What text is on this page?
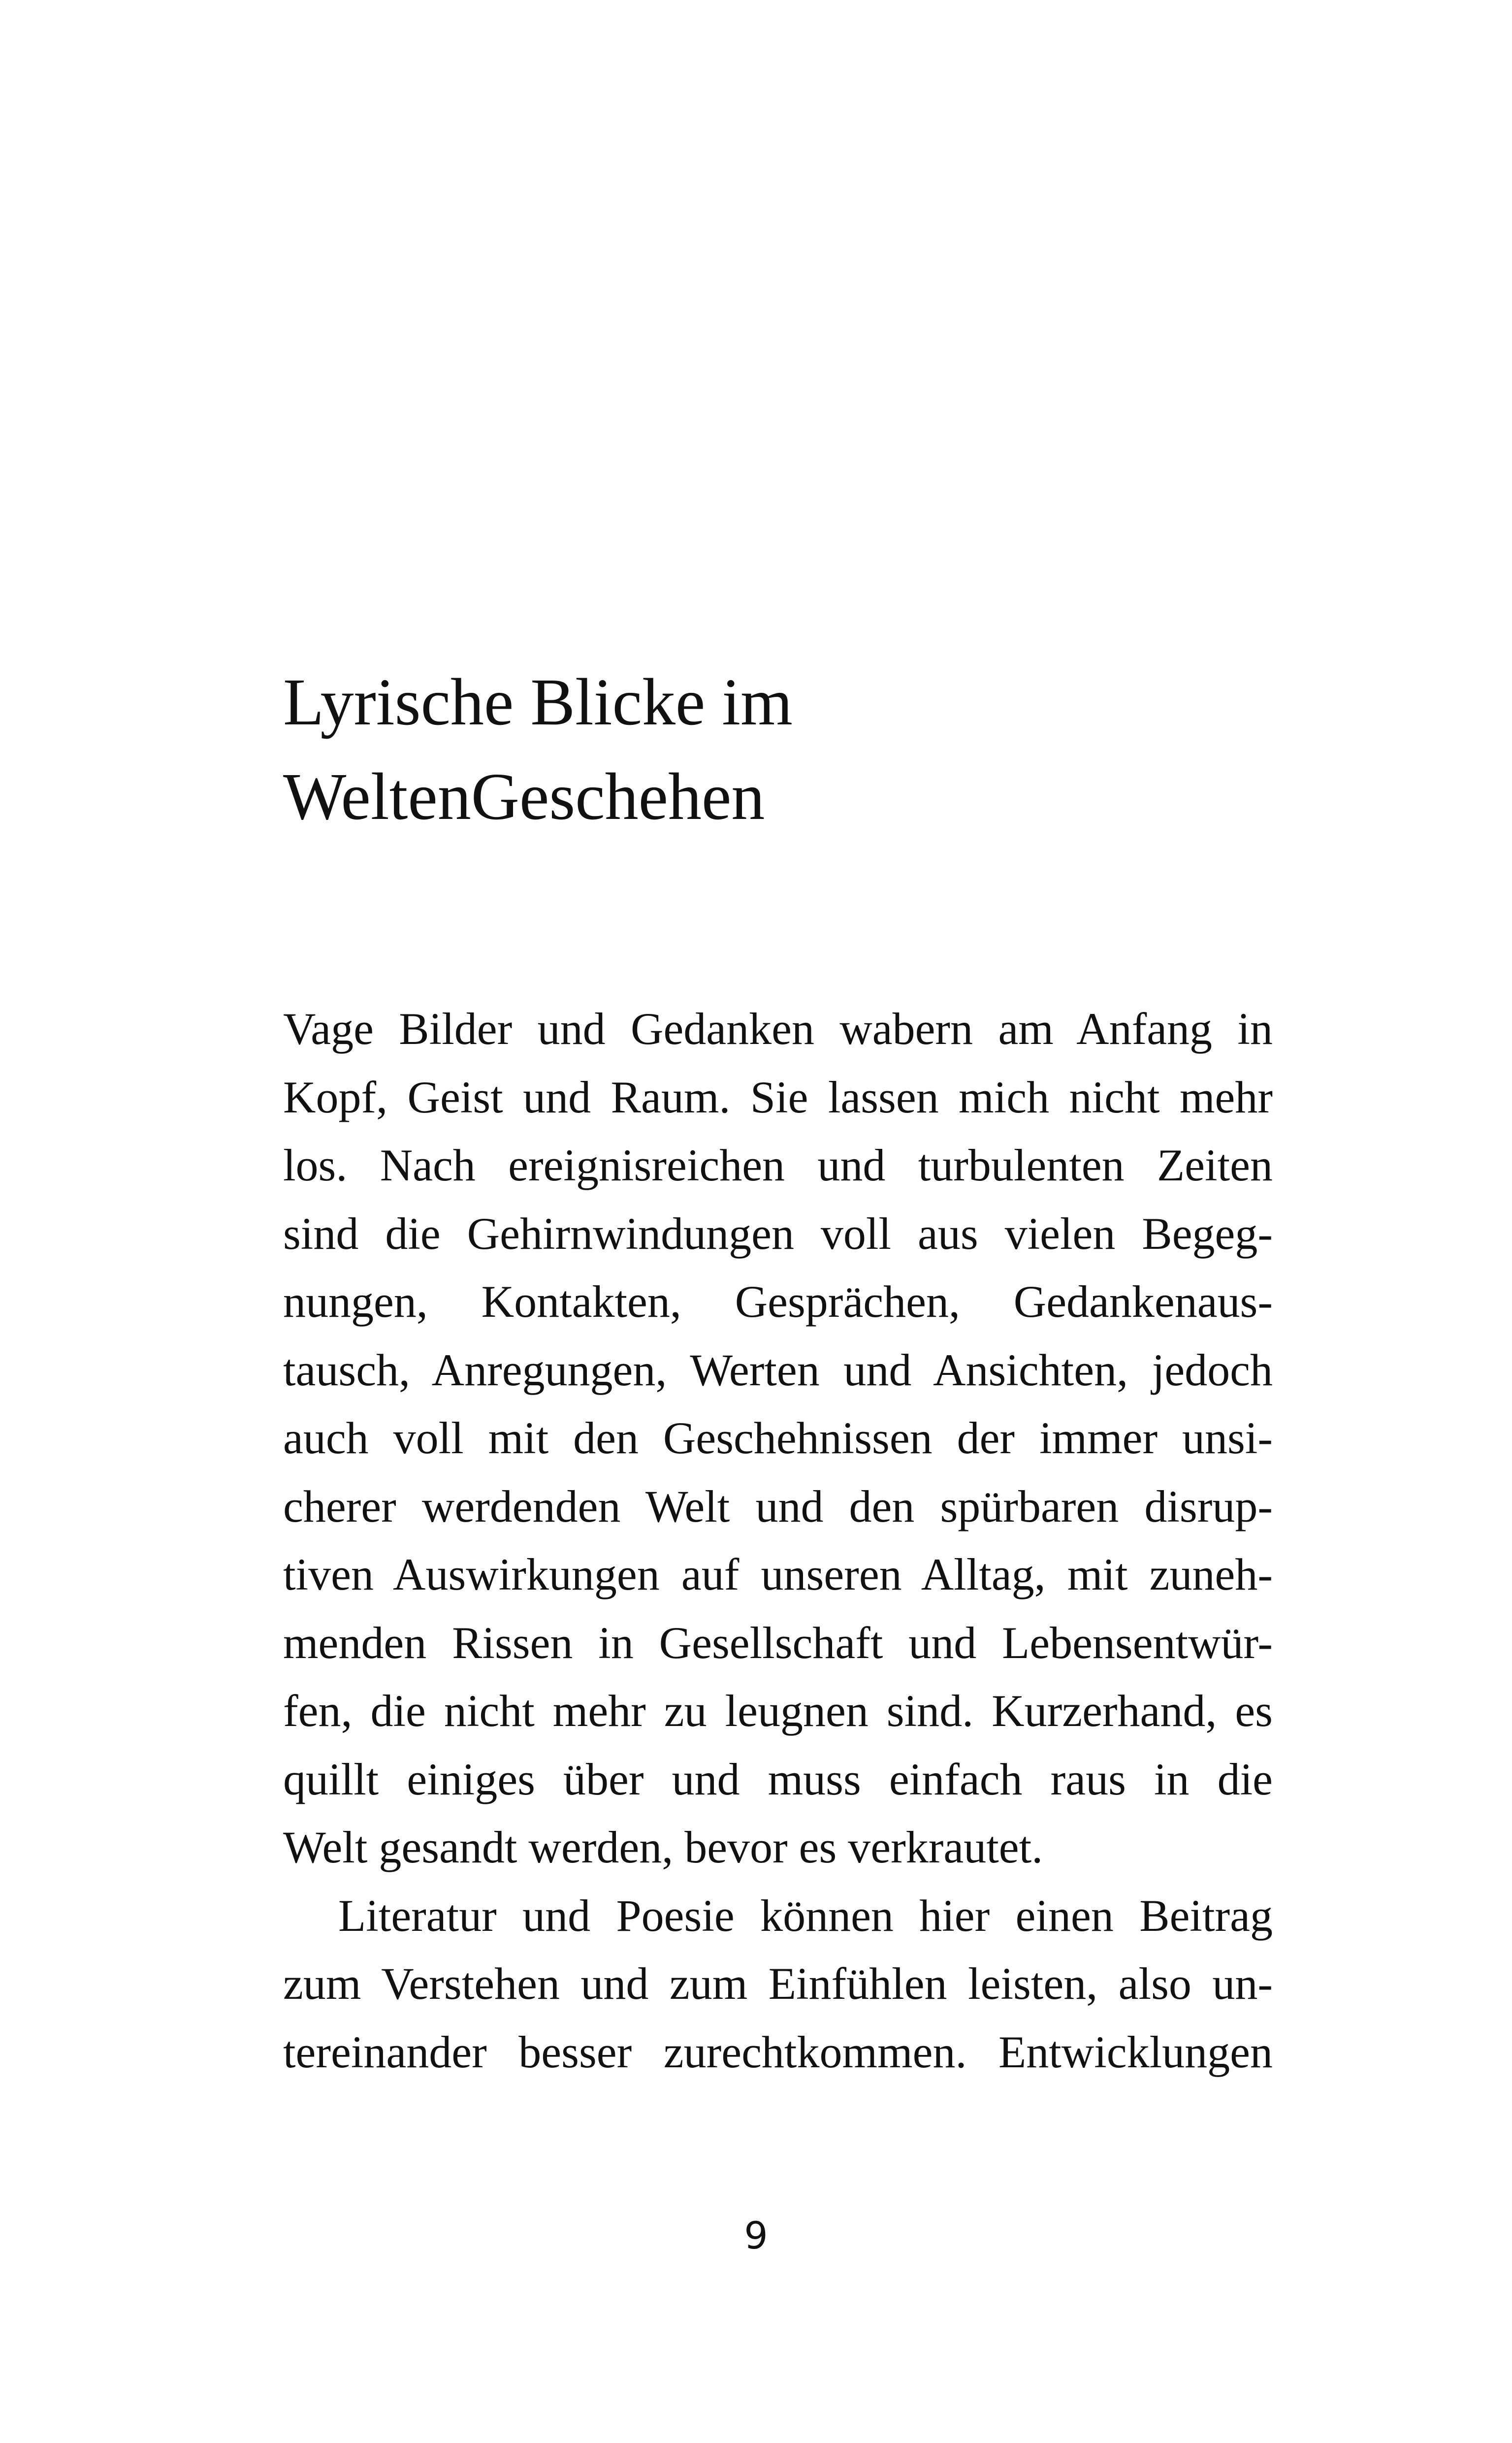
Lyrische Blicke im
WeltenGeschehen
Vage Bilder und Gedanken wabern am Anfang in
Kopf, Geist und Raum. Sie lassen mich nicht mehr
los. Nach ereignisreichen und turbulenten Zeiten
sind die Gehirnwindungen voll aus vielen Begeg-
nungen, Kontakten, Gesprächen, Gedankenaus-
tausch, Anregungen, Werten und Ansichten, jedoch
auch voll mit den Geschehnissen der immer unsi-
cherer werdenden Welt und den spürbaren disrup-
tiven Auswirkungen auf unseren Alltag, mit zuneh-
menden Rissen in Gesellschaft und Lebensentwür-
fen, die nicht mehr zu leugnen sind. Kurzerhand, es
quillt einiges über und muss einfach raus in die
Welt gesandt werden, bevor es verkrautet.
Literatur und Poesie können hier einen Beitrag
zum Verstehen und zum Einfühlen leisten, also un-
tereinander besser zurechtkommen. Entwicklungen
9
